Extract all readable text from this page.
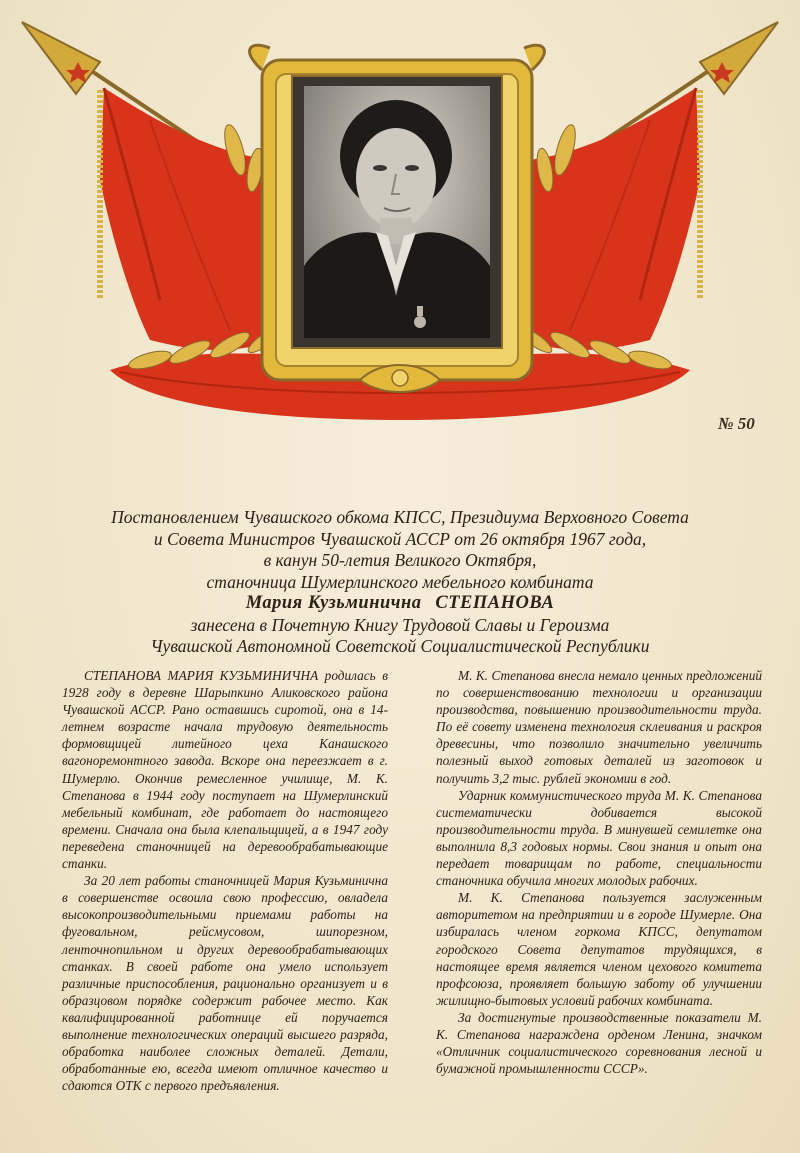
№ 50
Постановлением Чувашского обкома КПСС, Президиума Верховного Совета
и Совета Министров Чувашской АССР от 26 октября 1967 года,
в канун 50-летия Великого Октября,
станочница Шумерлинского мебельного комбината
Мария Кузьминична СТЕПАНОВА
занесена в Почетную Книгу Трудовой Славы и Героизма
Чувашской Автономной Советской Социалистической Республики

СТЕПАНОВА МАРИЯ КУЗЬМИНИЧНА родилась в 1928 году в деревне Шарыпкино Аликовского района Чувашской АССР. Рано оставшись сиротой, она в 14-летнем возрасте начала трудовую деятельность формовщицей литейного цеха Канашского вагоноремонтного завода. Вскоре она переезжает в г. Шумерлю. Окончив ремесленное училище, М. К. Степанова в 1944 году поступает на Шумерлинский мебельный комбинат, где работает до настоящего времени. Сначала она была клепальщицей, а в 1947 году переведена станочницей на деревообрабатывающие станки.

За 20 лет работы станочницей Мария Кузьминична в совершенстве освоила свою профессию, овладела высокопроизводительными приемами работы на фуговальном, рейсмусовом, шипорезном, ленточнопильном и других деревообрабатывающих станках. В своей работе она умело использует различные приспособления, рационально организует и в образцовом порядке содержит рабочее место. Как квалифицированной работнице ей поручается выполнение технологических операций высшего разряда, обработка наиболее сложных деталей. Детали, обработанные ею, всегда имеют отличное качество и сдаются ОТК с первого предъявления.

М. К. Степанова внесла немало ценных предложений по совершенствованию технологии и организации производства, повышению производительности труда. По её совету изменена технология склеивания и раскроя древесины, что позволило значительно увеличить полезный выход готовых деталей из заготовок и получить 3,2 тыс. рублей экономии в год.

Ударник коммунистического труда М. К. Степанова систематически добивается высокой производительности труда. В минувшей семилетке она выполнила 8,3 годовых нормы. Свои знания и опыт она передает товарищам по работе, специальности станочника обучила многих молодых рабочих.

М. К. Степанова пользуется заслуженным авторитетом на предприятии и в городе Шумерле. Она избиралась членом горкома КПСС, депутатом городского Совета депутатов трудящихся, в настоящее время является членом цехового комитета профсоюза, проявляет большую заботу об улучшении жилищно-бытовых условий рабочих комбината.

За достигнутые производственные показатели М. К. Степанова награждена орденом Ленина, значком «Отличник социалистического соревнования лесной и бумажной промышленности СССР».
